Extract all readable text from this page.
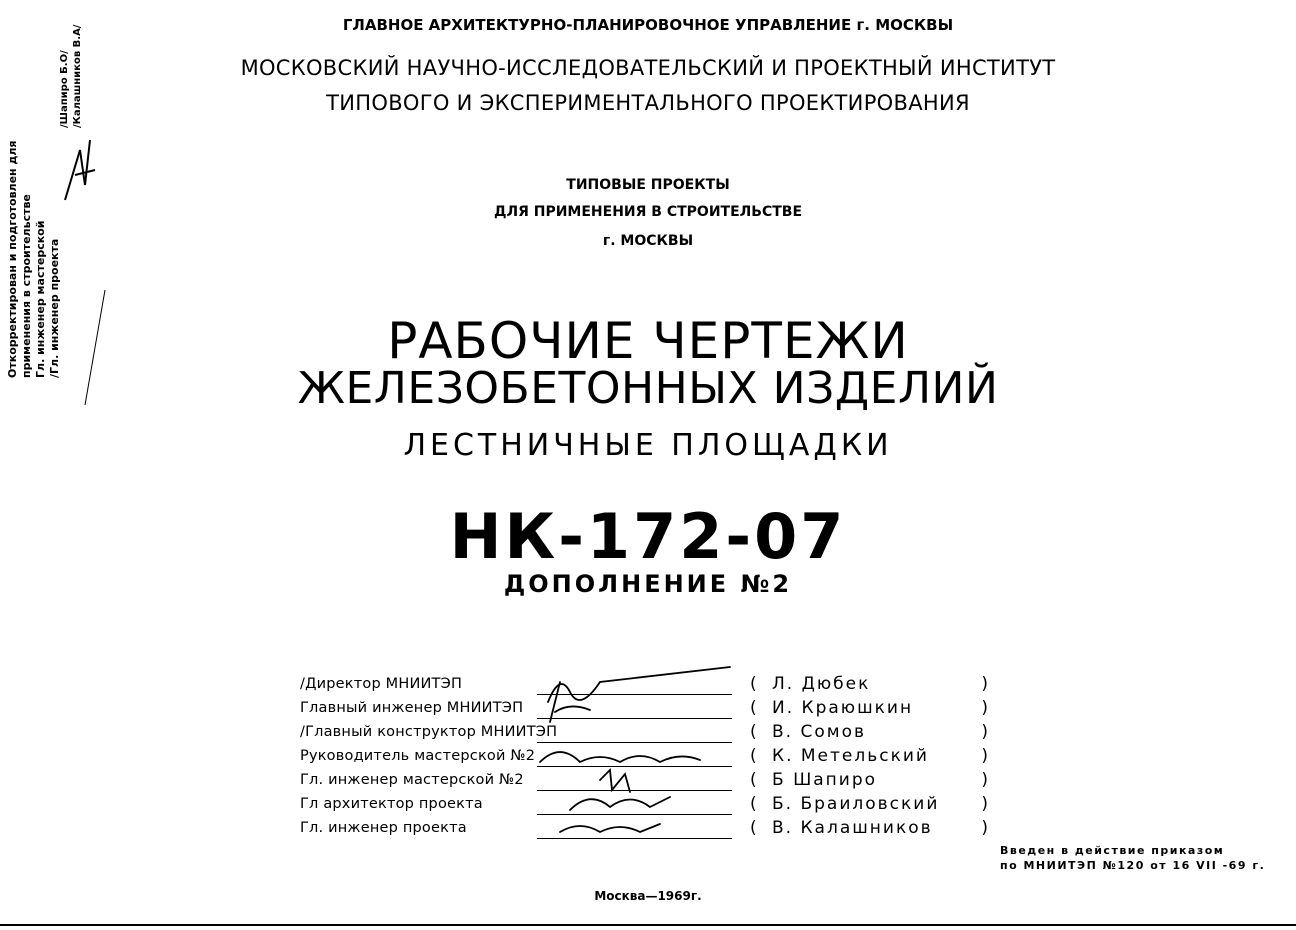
Откорректирован и подготовлен для применения в строительстве Гл. инженер мастерской /Гл. инженер проекта
/Шапиро Б.О/ /Калашников В.А/	ГЛАВНОЕ АРХИТЕКТУРНО-ПЛАНИРОВОЧНОЕ УПРАВЛЕНИЕ г. МОСКВЫ
МОСКОВСКИЙ НАУЧНО-ИССЛЕДОВАТЕЛЬСКИЙ И ПРОЕКТНЫЙ ИНСТИТУТ
ТИПОВОГО И ЭКСПЕРИМЕНТАЛЬНОГО ПРОЕКТИРОВАНИЯ
ТИПОВЫЕ ПРОЕКТЫ
ДЛЯ ПРИМЕНЕНИЯ В СТРОИТЕЛЬСТВЕ
г. МОСКВЫ
РАБОЧИЕ ЧЕРТЕЖИ
ЖЕЛЕЗОБЕТОННЫХ ИЗДЕЛИЙ
ЛЕСТНИЧНЫЕ ПЛОЩАДКИ
НК-172-07
ДОПОЛНЕНИЕ №2
/Директор МНИИТЭП	( Л. Дюбек	)
Главный инженер МНИИТЭП	( И. Краюшкин	)
/Главный конструктор МНИИТЭП	( В. Сомов	)
Руководитель мастерской №2	( К. Метельский	)
Гл. инженер мастерской №2	( Б Шапиро	)
Гл архитектор проекта	( Б. Браиловский )
Гл. инженер проекта	( В. Калашников	)
Введен в действие приказом
по МНИИТЭП №120 от 16 VII -69 г.
Москва—1969г.
